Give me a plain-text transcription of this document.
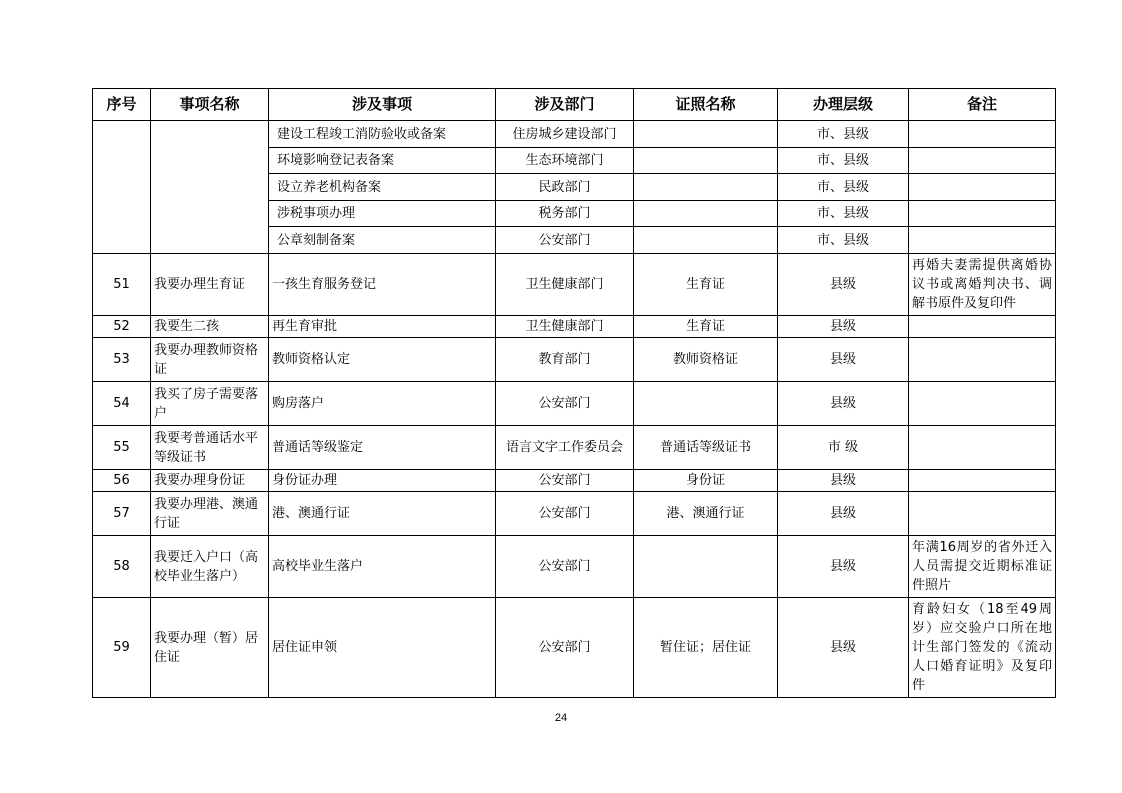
序号	事项名称	涉及事项	涉及部门	证照名称	办理层级	备注
		建设工程竣工消防验收或备案	住房城乡建设部门		市、县级	
		环境影响登记表备案	生态环境部门		市、县级	
		设立养老机构备案	民政部门		市、县级	
		涉税事项办理	税务部门		市、县级	
		公章刻制备案	公安部门		市、县级	
51	我要办理生育证	一孩生育服务登记	卫生健康部门	生育证	县级	再婚夫妻需提供离婚协议书或离婚判决书、调解书原件及复印件
52	我要生二孩	再生育审批	卫生健康部门	生育证	县级	
53	我要办理教师资格证	教师资格认定	教育部门	教师资格证	县级	
54	我买了房子需要落户	购房落户	公安部门		县级	
55	我要考普通话水平等级证书	普通话等级鉴定	语言文字工作委员会	普通话等级证书	市 级	
56	我要办理身份证	身份证办理	公安部门	身份证	县级	
57	我要办理港、澳通行证	港、澳通行证	公安部门	港、澳通行证	县级	
58	我要迁入户口（高校毕业生落户）	高校毕业生落户	公安部门		县级	年满16周岁的省外迁入人员需提交近期标准证件照片
59	我要办理（暂）居住证	居住证申领	公安部门	暂住证；居住证	县级	育龄妇女（18至49周岁）应交验户口所在地计生部门签发的《流动人口婚育证明》及复印件
24
